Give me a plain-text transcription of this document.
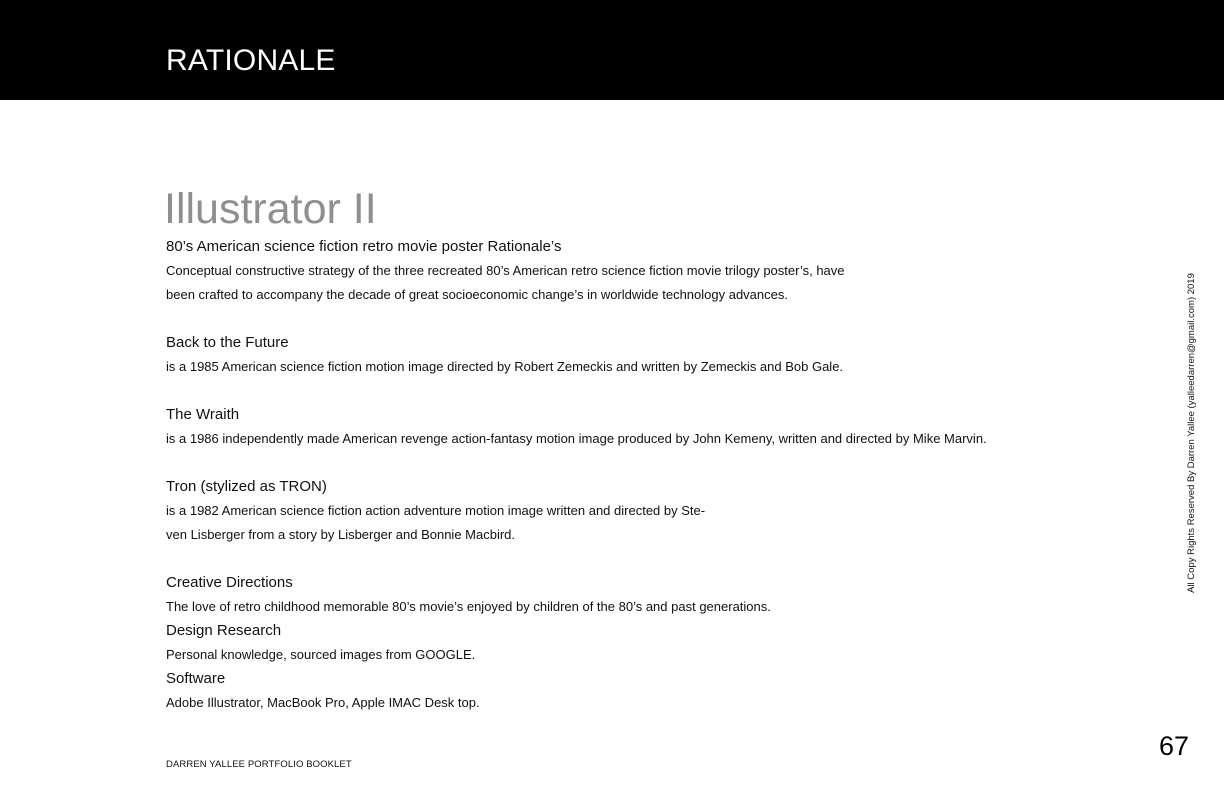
RATIONALE
Illustrator II
80’s American science fiction retro movie poster Rationale’s
Conceptual constructive strategy of the three recreated 80’s American retro science fiction movie trilogy poster’s, have
been crafted to accompany the decade of great socioeconomic change’s in worldwide technology advances.
Back to the Future
is a 1985 American science fiction motion image directed by Robert Zemeckis and written by Zemeckis and Bob Gale.
The Wraith
is a 1986 independently made American revenge action-fantasy motion image produced by John Kemeny, written and directed by Mike Marvin.
Tron (stylized as TRON)
is a 1982 American science fiction action adventure motion image written and directed by Ste-
ven Lisberger from a story by Lisberger and Bonnie Macbird.
Creative Directions
The love of retro childhood memorable 80’s movie’s enjoyed by children of the 80’s and past generations.
Design Research
Personal knowledge, sourced images from GOOGLE.
Software
Adobe Illustrator, MacBook Pro, Apple IMAC Desk top.
DARREN YALLEE PORTFOLIO BOOKLET
67
All Copy Rights Reserved By Darren Yallee (yalleedarren@gmail.com) 2019
